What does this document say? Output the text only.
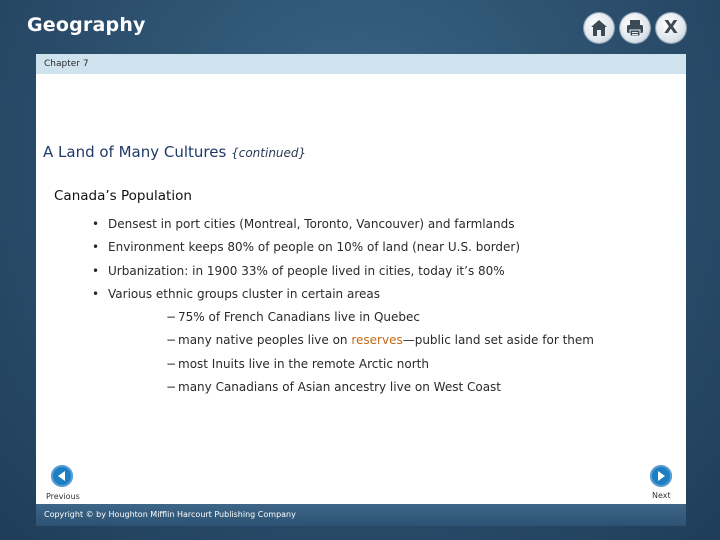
Geography	X
Chapter 7
A Land of Many Cultures {continued}
Canada’s Population
• Densest in port cities (Montreal, Toronto, Vancouver) and farmlands
• Environment keeps 80% of people on 10% of land (near U.S. border)
• Urbanization: in 1900 33% of people lived in cities, today it’s 80%
• Various ethnic groups cluster in certain areas
− 75% of French Canadians live in Quebec
− many native peoples live on reserves—public land set aside for them
− most Inuits live in the remote Arctic north
− many Canadians of Asian ancestry live on West Coast
Previous	Next
Copyright © by Houghton Mifflin Harcourt Publishing Company
